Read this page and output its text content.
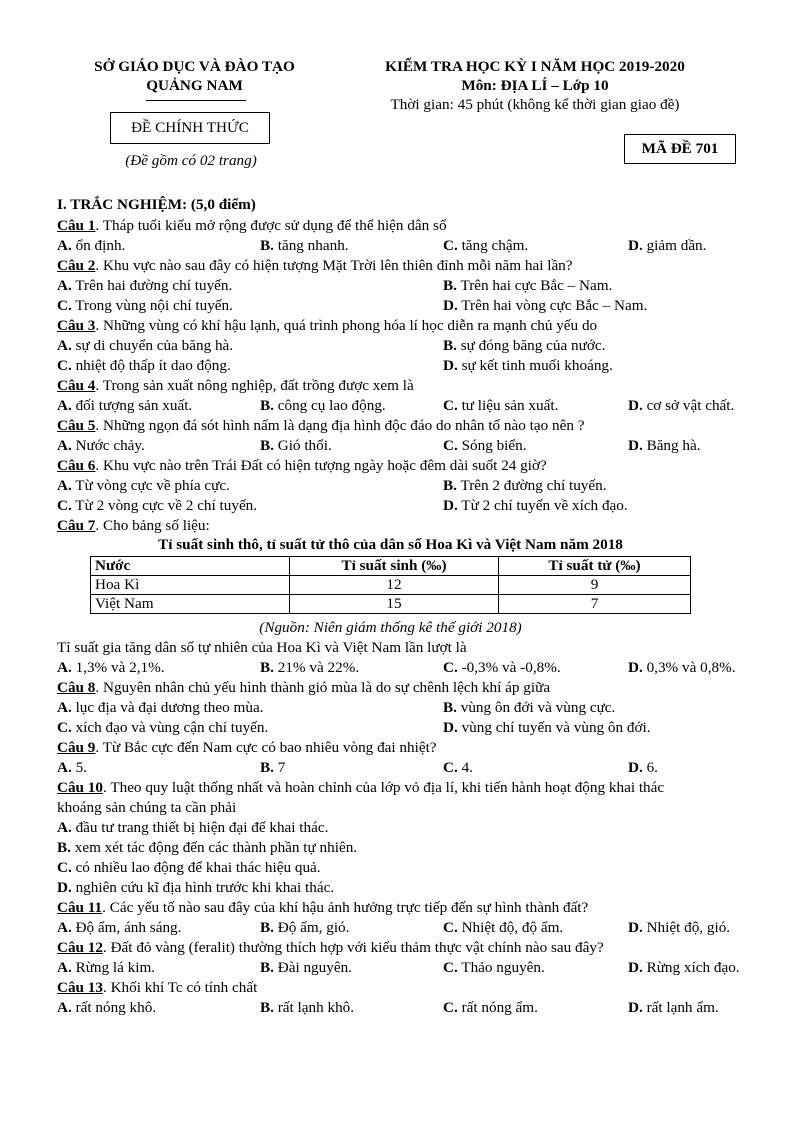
SỞ GIÁO DỤC VÀ ĐÀO TẠO
QUẢNG NAM
ĐỀ CHÍNH THỨC
(Đề gồm có 02 trang)
KIỂM TRA HỌC KỲ I NĂM HỌC 2019-2020
Môn: ĐỊA LÍ – Lớp 10
Thời gian: 45 phút (không kể thời gian giao đề)
MÃ ĐỀ 701
I. TRẮC NGHIỆM: (5,0 điểm)
Câu 1. Tháp tuổi kiểu mở rộng được sử dụng để thể hiện dân số
A. ổn định.	B. tăng nhanh.	C. tăng chậm.	D. giảm dần.
Câu 2. Khu vực nào sau đây có hiện tượng Mặt Trời lên thiên đỉnh mỗi năm hai lần?
A. Trên hai đường chí tuyến.	B. Trên hai cực Bắc – Nam.
C. Trong vùng nội chí tuyến.	D. Trên hai vòng cực Bắc – Nam.
Câu 3. Những vùng có khí hậu lạnh, quá trình phong hóa lí học diễn ra mạnh chủ yếu do
A. sự di chuyển của băng hà.	B. sự đóng băng của nước.
C. nhiệt độ thấp ít dao động.	D. sự kết tinh muối khoáng.
Câu 4. Trong sản xuất nông nghiệp, đất trồng được xem là
A. đối tượng sản xuất.	B. công cụ lao động.	C. tư liệu sản xuất.	D. cơ sở vật chất.
Câu 5. Những ngọn đá sót hình nấm là dạng địa hình độc đáo do nhân tố nào tạo nên ?
A. Nước chảy.	B. Gió thổi.	C. Sóng biển.	D. Băng hà.
Câu 6. Khu vực nào trên Trái Đất có hiện tượng ngày hoặc đêm dài suốt 24 giờ?
A. Từ vòng cực về phía cực.	B. Trên 2 đường chí tuyến.
C. Từ 2 vòng cực về 2 chí tuyến.	D. Từ 2 chí tuyến về xích đạo.
Câu 7. Cho bảng số liệu:
Câu 8. Nguyên nhân chủ yếu hình thành gió mùa là do sự chênh lệch khí áp giữa
A. lục địa và đại dương theo mùa.	B. vùng ôn đới và vùng cực.
C. xích đạo và vùng cận chí tuyến.	D. vùng chí tuyến và vùng ôn đới.
Câu 9. Từ Bắc cực đến Nam cực có bao nhiêu vòng đai nhiệt?
A. 5.	B. 7	C. 4.	D. 6.
Câu 10. Theo quy luật thống nhất và hoàn chỉnh của lớp vỏ địa lí, khi tiến hành hoạt động khai thác
khoáng sản chúng ta cần phải
A. đầu tư trang thiết bị hiện đại để khai thác.
B. xem xét tác động đến các thành phần tự nhiên.
C. có nhiều lao động để khai thác hiệu quả.
D. nghiên cứu kĩ địa hình trước khi khai thác.
Câu 11. Các yếu tố nào sau đây của khí hậu ảnh hưởng trực tiếp đến sự hình thành đất?
A. Độ ẩm, ánh sáng.	B. Độ ẩm, gió.	C. Nhiệt độ, độ ẩm.	D. Nhiệt độ, gió.
Câu 12. Đất đỏ vàng (feralit) thường thích hợp với kiểu thảm thực vật chính nào sau đây?
A. Rừng lá kim.	B. Đài nguyên.	C. Thảo nguyên.	D. Rừng xích đạo.
Câu 13. Khối khí Tc có tính chất
A. rất nóng khô.	B. rất lạnh khô.	C. rất nóng ẩm.	D. rất lạnh ẩm.
Tỉ suất gia tăng dân số tự nhiên của Hoa Kì và Việt Nam lần lượt là
A. 1,3% và 2,1%.	B. 21% và 22%.	C. -0,3% và -0,8%.	D. 0,3% và 0,8%.
Tỉ suất sinh thô, tỉ suất tử thô của dân số Hoa Kì và Việt Nam năm 2018
Nước	Tỉ suất sinh (‰)	Tỉ suất tử (‰)
Hoa Kì	12	9
Việt Nam	15	7
(Nguồn: Niên giám thống kê thế giới 2018)
